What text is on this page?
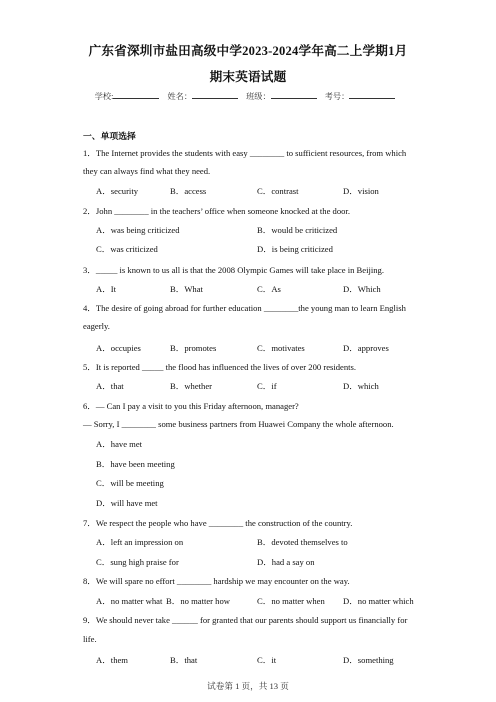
广东省深圳市盐田高级中学2023-2024学年高二上学期1月
期末英语试题
学校:	姓名：	班级：	考号：
一、单项选择
1．The Internet provides the students with easy ________ to sufficient resources, from which
they can always find what they need.
A．security	B．access	C．contrast	D．vision
2．John ________ in the teachers’ office when someone knocked at the door.
A．was being criticized	B．would be criticized
C．was criticized	D．is being criticized
3．_____ is known to us all is that the 2008 Olympic Games will take place in Beijing.
A．It	B．What	C．As	D．Which
4．The desire of going abroad for further education ________the young man to learn English
eagerly.
A．occupies	B．promotes	C．motivates	D．approves
5．It is reported _____ the flood has influenced the lives of over 200 residents.
A．that	B．whether	C．if	D．which
6．— Can I pay a visit to you this Friday afternoon, manager?
— Sorry, I ________ some business partners from Huawei Company the whole afternoon.
A．have met
B．have been meeting
C．will be meeting
D．will have met
7．We respect the people who have ________ the construction of the country.
A．left an impression on	B．devoted themselves to
C．sung high praise for	D．had a say on
8．We will spare no effort ________ hardship we may encounter on the way.
A．no matter what B．no matter how	C．no matter when D．no matter which
9．We should never take ______ for granted that our parents should support us financially for
life.
A．them	B．that	C．it	D．something
试卷第 1 页，共 13 页
